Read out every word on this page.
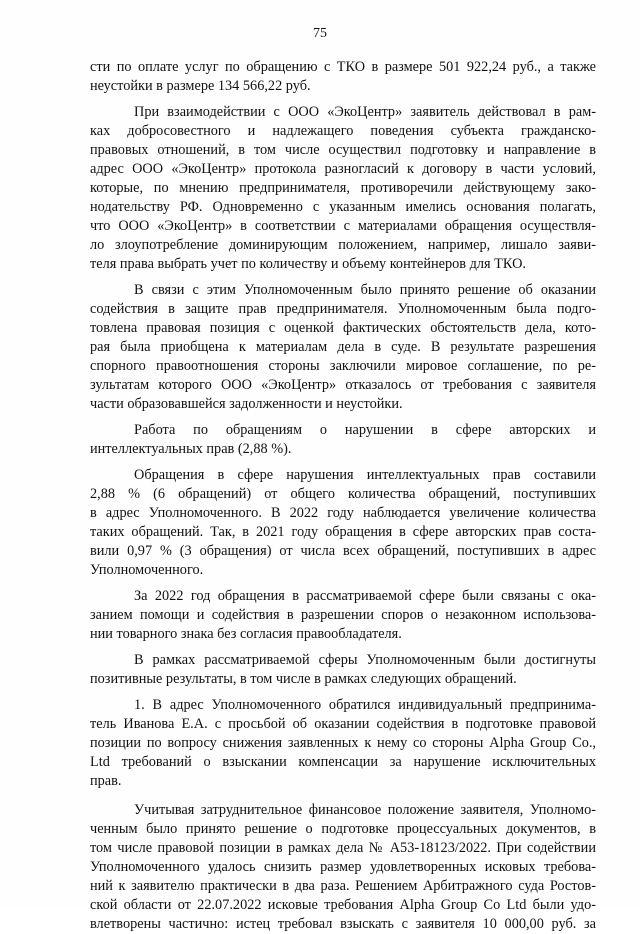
75
сти по оплате услуг по обращению с ТКО в размере 501 922,24 руб., а также
неустойки в размере 134 566,22 руб.
При взаимодействии с ООО «ЭкоЦентр» заявитель действовал в рам-
ках добросовестного и надлежащего поведения субъекта гражданско-
правовых отношений, в том числе осуществил подготовку и направление в
адрес ООО «ЭкоЦентр» протокола разногласий к договору в части условий,
которые, по мнению предпринимателя, противоречили действующему зако-
нодательству РФ. Одновременно с указанным имелись основания полагать,
что ООО «ЭкоЦентр» в соответствии с материалами обращения осуществля-
ло злоупотребление доминирующим положением, например, лишало заяви-
теля права выбрать учет по количеству и объему контейнеров для ТКО.
В связи с этим Уполномоченным было принято решение об оказании
содействия в защите прав предпринимателя. Уполномоченным была подго-
товлена правовая позиция с оценкой фактических обстоятельств дела, кото-
рая была приобщена к материалам дела в суде. В результате разрешения
спорного правоотношения стороны заключили мировое соглашение, по ре-
зультатам которого ООО «ЭкоЦентр» отказалось от требования с заявителя
части образовавшейся задолженности и неустойки.
Работа по обращениям о нарушении в сфере авторских и
интеллектуальных прав (2,88 %).
Обращения в сфере нарушения интеллектуальных прав составили
2,88 % (6 обращений) от общего количества обращений, поступивших
в адрес Уполномоченного. В 2022 году наблюдается увеличение количества
таких обращений. Так, в 2021 году обращения в сфере авторских прав соста-
вили 0,97 % (3 обращения) от числа всех обращений, поступивших в адрес
Уполномоченного.
За 2022 год обращения в рассматриваемой сфере были связаны с ока-
занием помощи и содействия в разрешении споров о незаконном использова-
нии товарного знака без согласия правообладателя.
В рамках рассматриваемой сферы Уполномоченным были достигнуты
позитивные результаты, в том числе в рамках следующих обращений.
1. В адрес Уполномоченного обратился индивидуальный предпринима-
тель Иванова Е.А. с просьбой об оказании содействия в подготовке правовой
позиции по вопросу снижения заявленных к нему со стороны Alpha Group Co.,
Ltd требований о взыскании компенсации за нарушение исключительных
прав.
Учитывая затруднительное финансовое положение заявителя, Уполномо-
ченным было принято решение о подготовке процессуальных документов, в
том числе правовой позиции в рамках дела № А53-18123/2022. При содействии
Уполномоченного удалось снизить размер удовлетворенных исковых требова-
ний к заявителю практически в два раза. Решением Арбитражного суда Ростов-
ской области от 22.07.2022 исковые требования Alpha Group Co Ltd были удо-
влетворены частично: истец требовал взыскать с заявителя 10 000,00 руб. за
